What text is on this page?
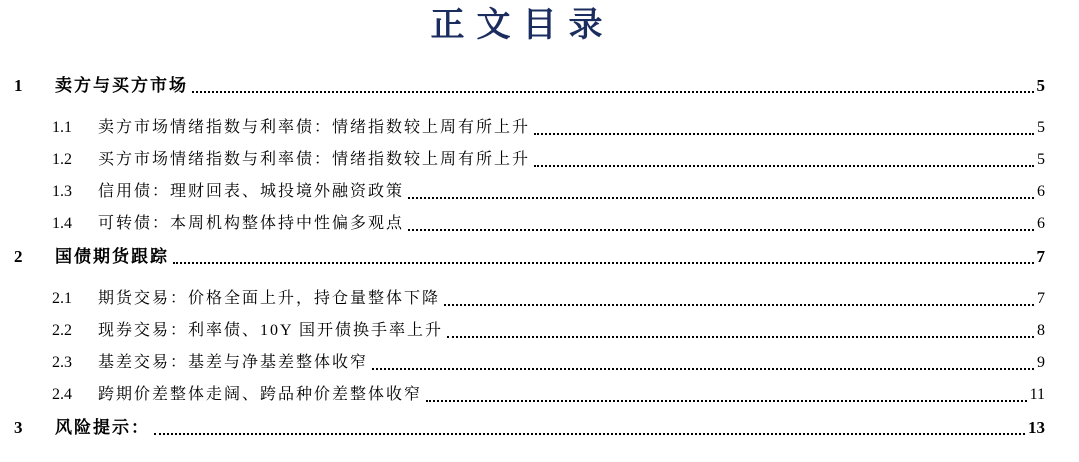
正文目录
1	卖方与买方市场	5
1.1	卖方市场情绪指数与利率债：情绪指数较上周有所上升	5
1.2	买方市场情绪指数与利率债：情绪指数较上周有所上升	5
1.3	信用债：理财回表、城投境外融资政策	6
1.4	可转债：本周机构整体持中性偏多观点	6
2	国债期货跟踪	7
2.1	期货交易：价格全面上升，持仓量整体下降	7
2.2	现券交易：利率债、10Y 国开债换手率上升	8
2.3	基差交易：基差与净基差整体收窄	9
2.4	跨期价差整体走阔、跨品种价差整体收窄	11
3	风险提示：	13
